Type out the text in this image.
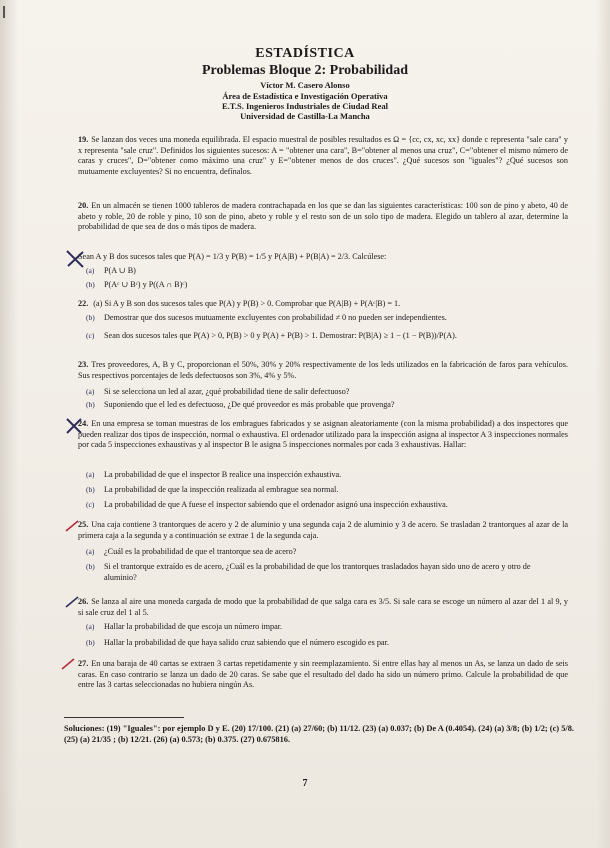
ESTADÍSTICA
Problemas Bloque 2: Probabilidad
Víctor M. Casero Alonso
Área de Estadística e Investigación Operativa
E.T.S. Ingenieros Industriales de Ciudad Real
Universidad de Castilla-La Mancha
19. Se lanzan dos veces una moneda equilibrada. El espacio muestral de posibles resultados es Ω = {cc, cx, xc, xx} donde c representa "sale cara" y x representa "sale cruz". Definidos los siguientes sucesos: A = "obtener una cara", B="obtener al menos una cruz", C="obtener el mismo número de caras y cruces", D="obtener como máximo una cruz" y E="obtener menos de dos cruces". ¿Qué sucesos son "iguales"? ¿Qué sucesos son mutuamente excluyentes? Si no encuentra, defínalos.
20. En un almacén se tienen 1000 tableros de madera contrachapada en los que se dan las siguientes características: 100 son de pino y abeto, 40 de abeto y roble, 20 de roble y pino, 10 son de pino, abeto y roble y el resto son de un solo tipo de madera. Elegido un tablero al azar, determine la probabilidad de que sea de dos o más tipos de madera.
Sean A y B dos sucesos tales que P(A) = 1/3 y P(B) = 1/5 y P(A|B) + P(B|A) = 2/3. Calcúlese:
(a)	P(A ∪ B)
(b)	P(Aᶜ ∪ Bᶜ) y P((A ∩ B)ᶜ)
22. (a) Si A y B son dos sucesos tales que P(A) y P(B) > 0. Comprobar que P(A|B) + P(Aᶜ|B) = 1.
(b)	Demostrar que dos sucesos mutuamente excluyentes con probabilidad ≠ 0 no pueden ser independientes.
(c)	Sean dos sucesos tales que P(A) > 0, P(B) > 0 y P(A) + P(B) > 1. Demostrar: P(B|A) ≥ 1 − (1 − P(B))/P(A).
23. Tres proveedores, A, B y C, proporcionan el 50%, 30% y 20% respectivamente de los leds utilizados en la fabricación de faros para vehículos. Sus respectivos porcentajes de leds defectuosos son 3%, 4% y 5%.
(a)	Si se selecciona un led al azar, ¿qué probabilidad tiene de salir defectuoso?
(b)	Suponiendo que el led es defectuoso, ¿De qué proveedor es más probable que provenga?
24. En una empresa se toman muestras de los embragues fabricados y se asignan aleatoriamente (con la misma probabilidad) a dos inspectores que pueden realizar dos tipos de inspección, normal o exhaustiva. El ordenador utilizado para la inspección asigna al inspector A 3 inspecciones normales por cada 5 inspecciones exhaustivas y al inspector B le asigna 5 inspecciones normales por cada 3 exhaustivas. Hallar:
(a)	La probabilidad de que el inspector B realice una inspección exhaustiva.
(b)	La probabilidad de que la inspección realizada al embrague sea normal.
(c)	La probabilidad de que A fuese el inspector sabiendo que el ordenador asignó una inspección exhaustiva.
25. Una caja contiene 3 trantorques de acero y 2 de aluminio y una segunda caja 2 de aluminio y 3 de acero. Se trasladan 2 trantorques al azar de la primera caja a la segunda y a continuación se extrae 1 de la segunda caja.
(a)	¿Cuál es la probabilidad de que el trantorque sea de acero?
(b)	Si el trantorque extraído es de acero, ¿Cuál es la probabilidad de que los trantorques trasladados hayan sido uno de acero y otro de aluminio?
26. Se lanza al aire una moneda cargada de modo que la probabilidad de que salga cara es 3/5. Si sale cara se escoge un número al azar del 1 al 9, y si sale cruz del 1 al 5.
(a)	Hallar la probabilidad de que escoja un número impar.
(b)	Hallar la probabilidad de que haya salido cruz sabiendo que el número escogido es par.
27. En una baraja de 40 cartas se extraen 3 cartas repetidamente y sin reemplazamiento. Si entre ellas hay al menos un As, se lanza un dado de seis caras. En caso contrario se lanza un dado de 20 caras. Se sabe que el resultado del dado ha sido un número primo. Calcule la probabilidad de que entre las 3 cartas seleccionadas no hubiera ningún As.
Soluciones: (19) "Iguales": por ejemplo D y E. (20) 17/100. (21) (a) 27/60; (b) 11/12. (23) (a) 0.037; (b) De A (0.4054). (24) (a) 3/8; (b) 1/2; (c) 5/8. (25) (a) 21/35 ; (b) 12/21. (26) (a) 0.573; (b) 0.375. (27) 0.675816.
7
